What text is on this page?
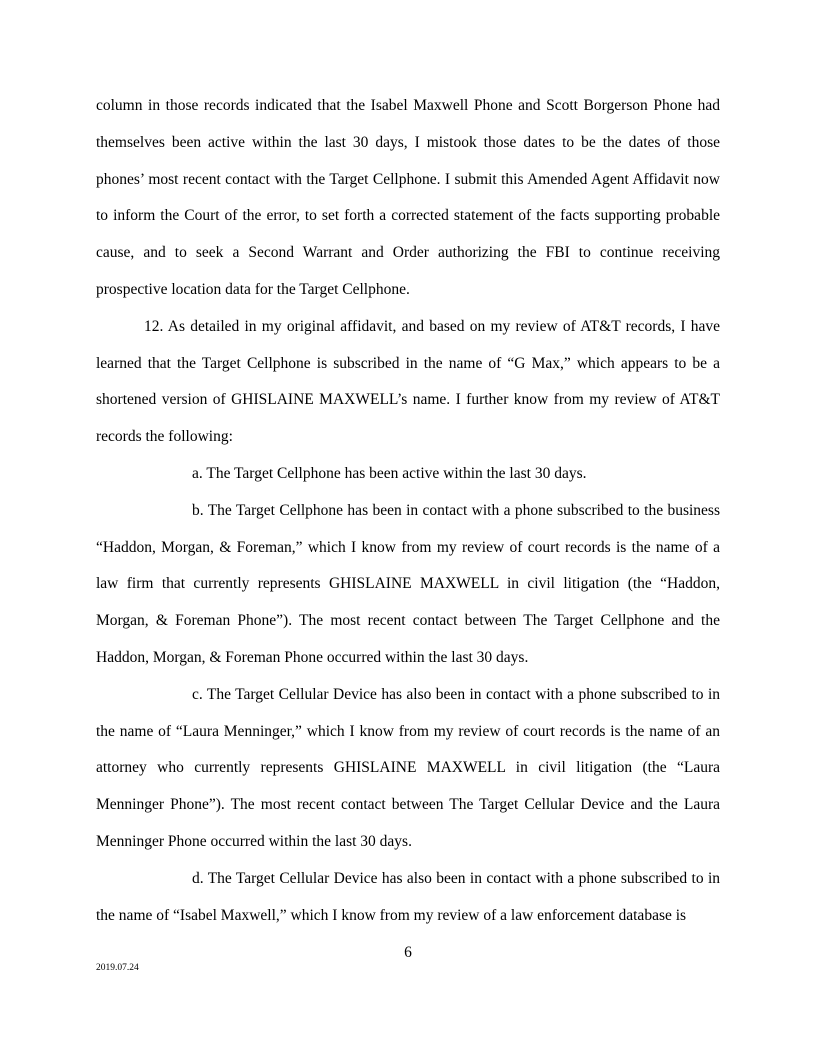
column in those records indicated that the Isabel Maxwell Phone and Scott Borgerson Phone had themselves been active within the last 30 days, I mistook those dates to be the dates of those phones’ most recent contact with the Target Cellphone. I submit this Amended Agent Affidavit now to inform the Court of the error, to set forth a corrected statement of the facts supporting probable cause, and to seek a Second Warrant and Order authorizing the FBI to continue receiving prospective location data for the Target Cellphone.

12. As detailed in my original affidavit, and based on my review of AT&T records, I have learned that the Target Cellphone is subscribed in the name of “G Max,” which appears to be a shortened version of GHISLAINE MAXWELL’s name. I further know from my review of AT&T records the following:

a. The Target Cellphone has been active within the last 30 days.

b. The Target Cellphone has been in contact with a phone subscribed to the business “Haddon, Morgan, & Foreman,” which I know from my review of court records is the name of a law firm that currently represents GHISLAINE MAXWELL in civil litigation (the “Haddon, Morgan, & Foreman Phone”). The most recent contact between The Target Cellphone and the Haddon, Morgan, & Foreman Phone occurred within the last 30 days.

c. The Target Cellular Device has also been in contact with a phone subscribed to in the name of “Laura Menninger,” which I know from my review of court records is the name of an attorney who currently represents GHISLAINE MAXWELL in civil litigation (the “Laura Menninger Phone”). The most recent contact between The Target Cellular Device and the Laura Menninger Phone occurred within the last 30 days.

d. The Target Cellular Device has also been in contact with a phone subscribed to in the name of “Isabel Maxwell,” which I know from my review of a law enforcement database is

6
2019.07.24
